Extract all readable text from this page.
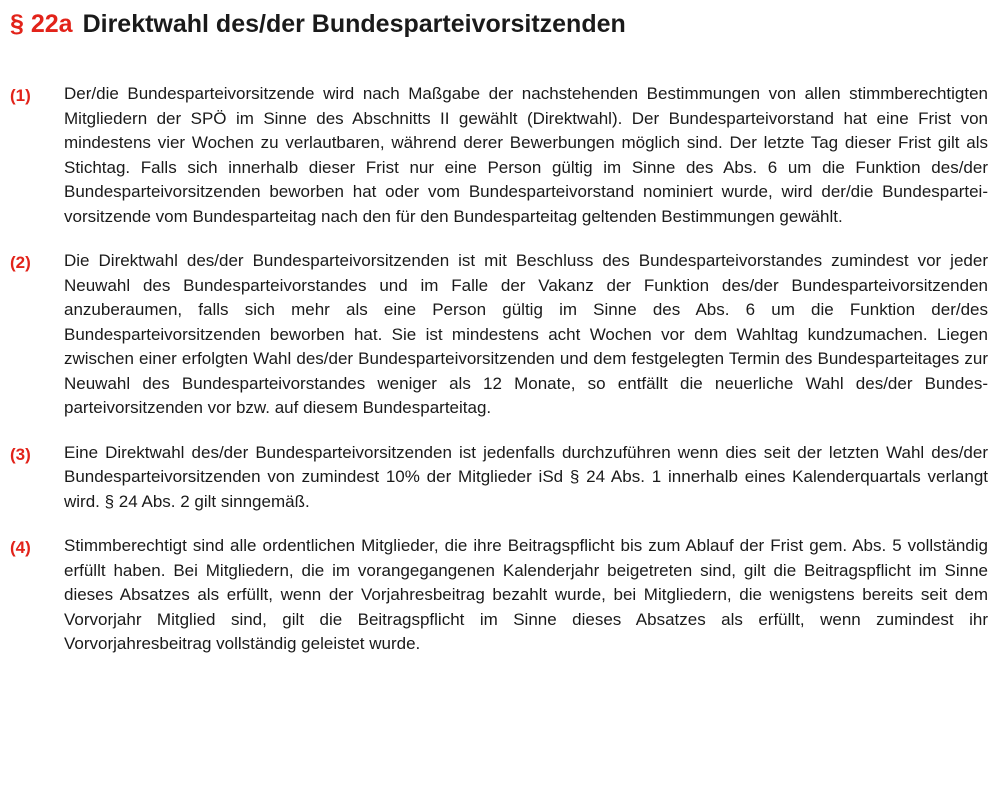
§ 22a Direktwahl des/der Bundesparteivorsitzenden
(1)	Der/die Bundesparteivorsitzende wird nach Maßgabe der nachstehenden Bestimmungen von allen stimmberechtigten Mitgliedern der SPÖ im Sinne des Abschnitts II gewählt (Direktwahl). Der Bundesparteivorstand hat eine Frist von mindestens vier Wochen zu verlautbaren, während derer Bewerbungen möglich sind. Der letzte Tag dieser Frist gilt als Stichtag. Falls sich innerhalb dieser Frist nur eine Person gültig im Sinne des Abs. 6 um die Funktion des/der Bundesparteivorsitzenden beworben hat oder vom Bundesparteivorstand nominiert wurde, wird der/die Bundesparteivorsitzende vom Bundesparteitag nach den für den Bundesparteitag geltenden Bestimmungen gewählt.
(2)	Die Direktwahl des/der Bundesparteivorsitzenden ist mit Beschluss des Bundesparteivorstandes zumindest vor jeder Neuwahl des Bundesparteivorstandes und im Falle der Vakanz der Funktion des/der Bundesparteivorsitzenden anzuberaumen, falls sich mehr als eine Person gültig im Sinne des Abs. 6 um die Funktion der/des Bundesparteivorsitzenden beworben hat. Sie ist mindestens acht Wochen vor dem Wahltag kundzumachen. Liegen zwischen einer erfolgten Wahl des/der Bundesparteivorsitzenden und dem festgelegten Termin des Bundesparteitages zur Neuwahl des Bundesparteivorstandes weniger als 12 Monate, so entfällt die neuerliche Wahl des/der Bundesparteivorsitzenden vor bzw. auf diesem Bundesparteitag.
(3)	Eine Direktwahl des/der Bundesparteivorsitzenden ist jedenfalls durchzuführen wenn dies seit der letzten Wahl des/der Bundesparteivorsitzenden von zumindest 10% der Mitglieder iSd § 24 Abs. 1 innerhalb eines Kalenderquartals verlangt wird. § 24 Abs. 2 gilt sinngemäß.
(4)	Stimmberechtigt sind alle ordentlichen Mitglieder, die ihre Beitragspflicht bis zum Ablauf der Frist gem. Abs. 5 vollständig erfüllt haben. Bei Mitgliedern, die im vorangegangenen Kalenderjahr beigetreten sind, gilt die Beitragspflicht im Sinne dieses Absatzes als erfüllt, wenn der Vorjahresbeitrag bezahlt wurde, bei Mitgliedern, die wenigstens bereits seit dem Vorvorjahr Mitglied sind, gilt die Beitragspflicht im Sinne dieses Absatzes als erfüllt, wenn zumindest ihr Vorvorjahresbeitrag vollständig geleistet wurde.
